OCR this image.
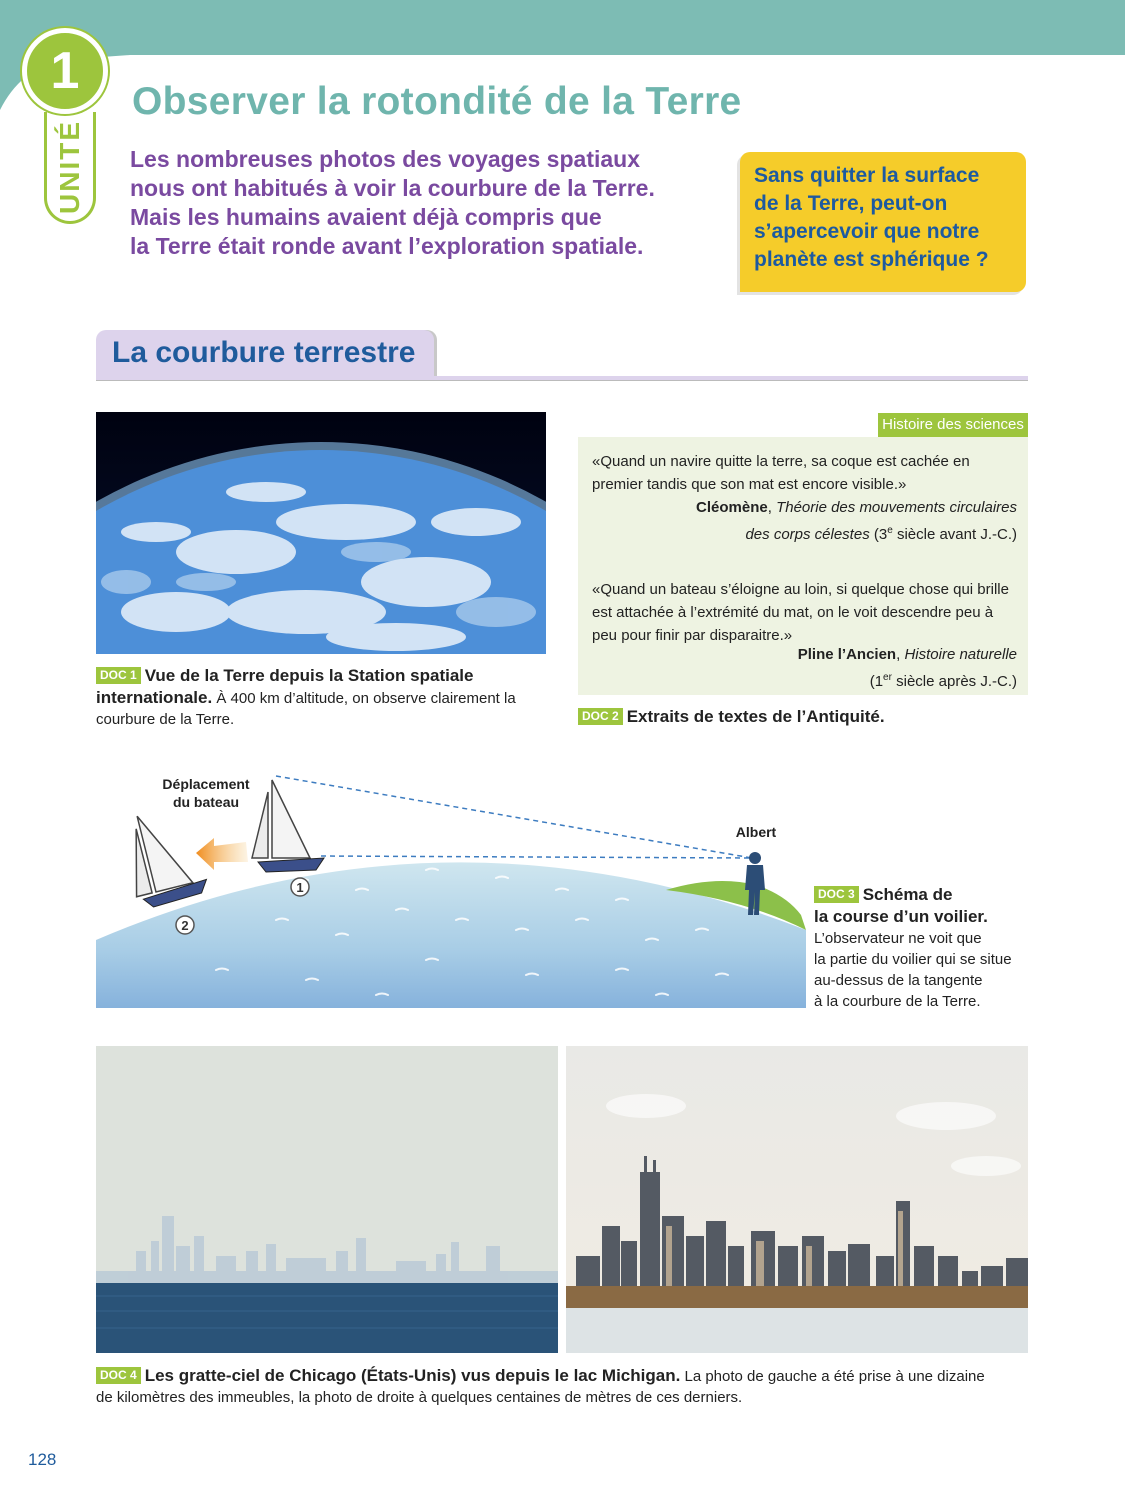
UNITÉ
1
Observer la rotondité de la Terre
Les nombreuses photos des voyages spatiaux
nous ont habitués à voir la courbure de la Terre.
Mais les humains avaient déjà compris que
la Terre était ronde avant l’exploration spatiale.
Sans quitter la surface
de la Terre, peut-on
s’apercevoir que notre
planète est sphérique ?
La courbure terrestre
DOC 1 Vue de la Terre depuis la Station spatiale internationale. À 400 km d’altitude, on observe clairement la courbure de la Terre.
Histoire des sciences
«Quand un navire quitte la terre, sa coque est cachée en premier tandis que son mat est encore visible.»
Cléomène, Théorie des mouvements circulaires
des corps célestes (3e siècle avant J.-C.)
«Quand un bateau s’éloigne au loin, si quelque chose qui brille est attachée à l’extrémité du mat, on le voit descendre peu à peu pour finir par disparaitre.»
Pline l’Ancien, Histoire naturelle
(1er siècle après J.-C.)
DOC 2 Extraits de textes de l’Antiquité.
1
2
Déplacement
du bateau
Albert
DOC 3 Schéma de
la course d’un voilier.
L’observateur ne voit que
la partie du voilier qui se situe
au-dessus de la tangente
à la courbure de la Terre.
DOC 4 Les gratte-ciel de Chicago (États-Unis) vus depuis le lac Michigan. La photo de gauche a été prise à une dizaine de kilomètres des immeubles, la photo de droite à quelques centaines de mètres de ces derniers.
128
